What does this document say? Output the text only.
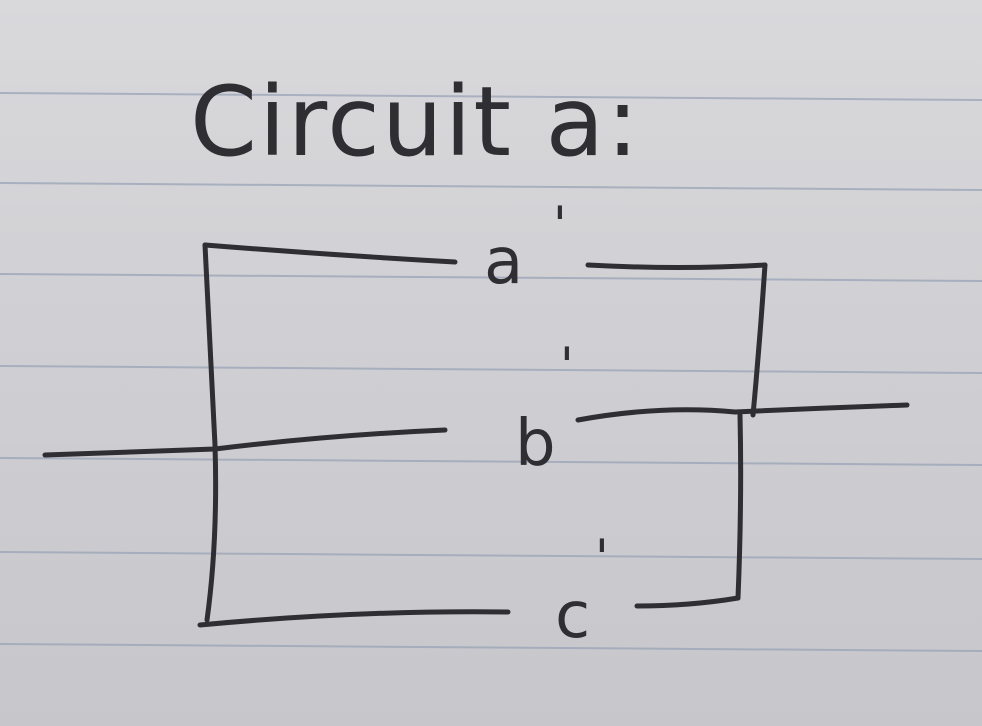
Circuit a:
a '
'
b
c
'
